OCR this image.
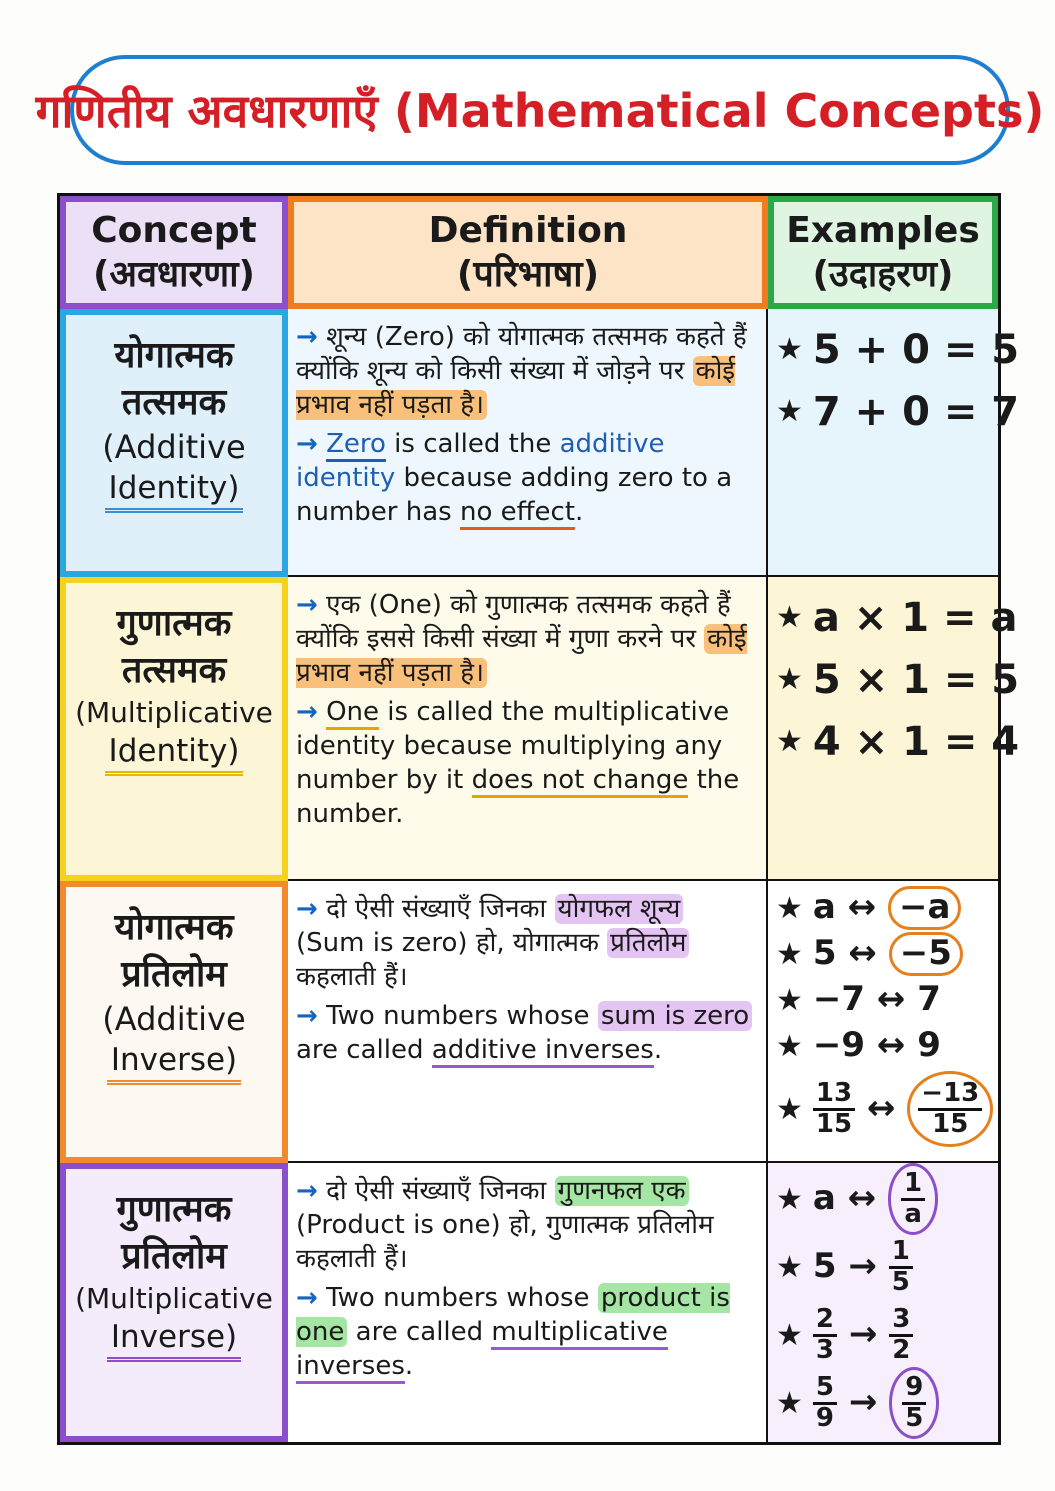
गणितीय अवधारणाएँ (Mathematical Concepts)
Concept
(अवधारणा)
Definition
(परिभाषा)
Examples
(उदाहरण)
योगात्मक
तत्समक
(Additive
Identity)

→ शून्य (Zero) को योगात्मक तत्समक कहते हैं क्योंकि शून्य को किसी संख्या में जोड़ने पर कोई प्रभाव नहीं पड़ता है।

→ Zero is called the additive identity because adding zero to a number has no effect.

★ 5 + 0 = 5
★ 7 + 0 = 7
गुणात्मक
तत्समक
(Multiplicative
Identity)

→ एक (One) को गुणात्मक तत्समक कहते हैं क्योंकि इससे किसी संख्या में गुणा करने पर कोई प्रभाव नहीं पड़ता है।

→ One is called the multiplicative identity because multiplying any number by it does not change the number.

★ a × 1 = a
★ 5 × 1 = 5
★ 4 × 1 = 4
योगात्मक
प्रतिलोम
(Additive
Inverse)

→ दो ऐसी संख्याएँ जिनका योगफल शून्य (Sum is zero) हो, योगात्मक प्रतिलोम कहलाती हैं।

→ Two numbers whose sum is zero are called additive inverses.

★ a
↔
−a
★ 5
↔
−5
★ −7
↔
7
★ −9
↔
9
★ $\frac{13}{15}$
↔
$\frac{-13}{15}$
गुणात्मक
प्रतिलोम
(Multiplicative
Inverse)

→ दो ऐसी संख्याएँ जिनका गुणनफल एक (Product is one) हो, गुणात्मक प्रतिलोम कहलाती हैं।

→ Two numbers whose product is one are called multiplicative inverses.

★ a
↔
$\frac{1}{a}$
★ 5
→
$\frac{1}{5}$
★ $\frac{2}{3}$
→
$\frac{3}{2}$
★ $\frac{5}{9}$
→
$\frac{9}{5}$
